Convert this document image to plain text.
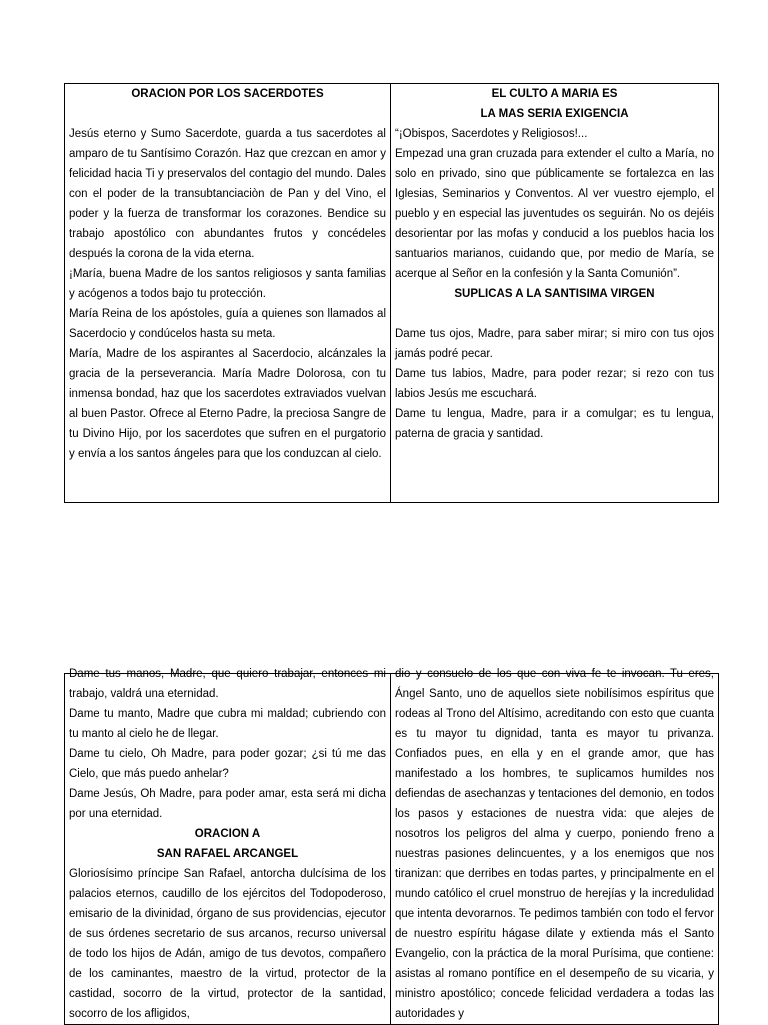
ORACION POR LOS SACERDOTES

Jesús eterno y Sumo Sacerdote, guarda a tus sacerdotes al amparo de tu Santísimo Corazón. Haz que crezcan en amor y felicidad hacia Ti y preservalos del contagio del mundo. Dales con el poder de la transubtanciaciòn de Pan y del Vino, el poder y la fuerza de transformar los corazones. Bendice su trabajo apostólico con abundantes frutos y concédeles después la corona de la vida eterna.

¡María, buena Madre de los santos religiosos y santa familias y acógenos a todos bajo tu protección.

María Reina de los apóstoles, guía a quienes son llamados al Sacerdocio y condúcelos hasta su meta.

María, Madre de los aspirantes al Sacerdocio, alcánzales la gracia de la perseverancia. María Madre Dolorosa, con tu inmensa bondad, haz que los sacerdotes extraviados vuelvan al buen Pastor. Ofrece al Eterno Padre, la preciosa Sangre de tu Divino Hijo, por los sacerdotes que sufren en el purgatorio y envía a los santos ángeles para que los conduzcan al cielo.

EL CULTO A MARIA ES
LA MAS SERIA EXIGENCIA

“¡Obispos, Sacerdotes y Religiosos!...

Empezad una gran cruzada para extender el culto a María, no solo en privado, sino que públicamente se fortalezca en las Iglesias, Seminarios y Conventos. Al ver vuestro ejemplo, el pueblo y en especial las juventudes os seguirán. No os dejéis desorientar por las mofas y conducid a los pueblos hacia los santuarios marianos, cuidando que, por medio de María, se acerque al Señor en la confesión y la Santa Comunión”.

SUPLICAS A LA SANTISIMA VIRGEN

Dame tus ojos, Madre, para saber mirar; si miro con tus ojos jamás podré pecar.

Dame tus labios, Madre, para poder rezar; si rezo con tus labios Jesús me escuchará.

Dame tu lengua, Madre, para ir a comulgar; es tu lengua, paterna de gracia y santidad.

Dame tus manos, Madre, que quiero trabajar, entonces mi trabajo, valdrá una eternidad.

Dame tu manto, Madre que cubra mi maldad; cubriendo con tu manto al cielo he de llegar.

Dame tu cielo, Oh Madre, para poder gozar; ¿si tú me das Cielo, que más puedo anhelar?

Dame Jesús, Oh Madre, para poder amar, esta será mi dicha por una eternidad.

ORACION A
SAN RAFAEL ARCANGEL

Gloriosísimo príncipe San Rafael, antorcha dulcísima de los palacios eternos, caudillo de los ejércitos del Todopoderoso, emisario de la divinidad, órgano de sus providencias, ejecutor de sus órdenes secretario de sus arcanos, recurso universal de todo los hijos de Adán, amigo de tus devotos, compañero de los caminantes, maestro de la virtud, protector de la castidad, socorro de la virtud, protector de la santidad, socorro de los afligidos,

dio y consuelo de los que con viva fe te invocan. Tu eres, Ángel Santo, uno de aquellos siete nobilísimos espíritus que rodeas al Trono del Altísimo, acreditando con esto que cuanta es tu mayor tu dignidad, tanta es mayor tu privanza. Confiados pues, en ella y en el grande amor, que has manifestado a los hombres, te suplicamos humildes nos defiendas de asechanzas y tentaciones del demonio, en todos los pasos y estaciones de nuestra vida: que alejes de nosotros los peligros del alma y cuerpo, poniendo freno a nuestras pasiones delincuentes, y a los enemigos que nos tiranizan: que derribes en todas partes, y principalmente en el mundo católico el cruel monstruo de herejías y la incredulidad que intenta devorarnos. Te pedimos también con todo el fervor de nuestro espíritu hágase dilate y extienda más el Santo Evangelio, con la práctica de la moral Purísima, que contiene: asistas al romano pontífice en el desempeño de su vicaria, y ministro apostólico; concede felicidad verdadera a todas las autoridades y
